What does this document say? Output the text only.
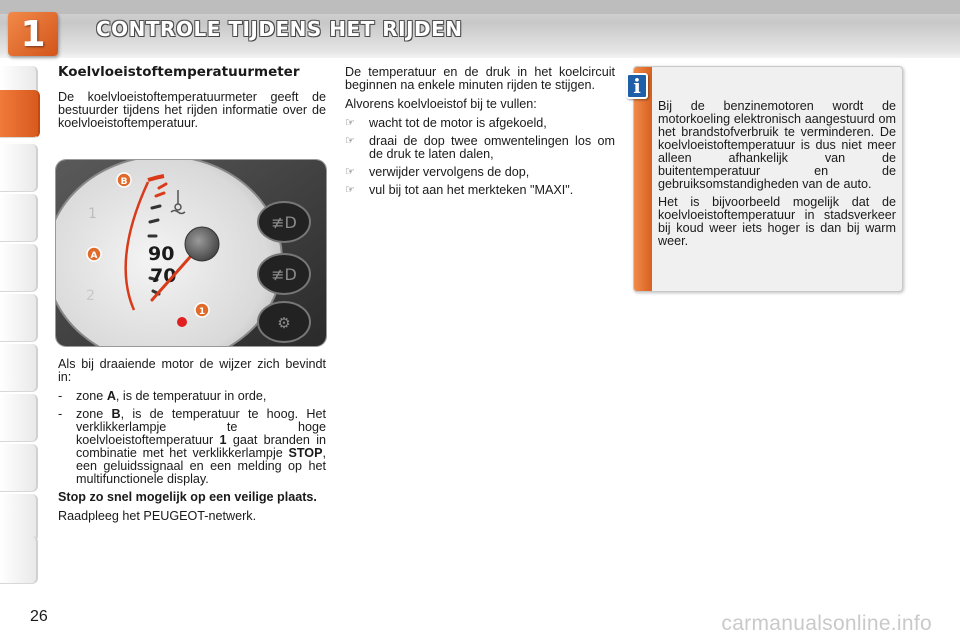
1	CONTROLE TIJDENS HET RIJDEN
Koelvloeistoftemperatuurmeter

De koelvloeistoftemperatuurmeter geeft de bestuurder tijdens het rijden informatie over de koelvloeistoftemperatuur.

1
2
90
70
≢D
≢D
⚙
B
A
1

Als bij draaiende motor de wijzer zich bevindt in:

- zone A, is de temperatuur in orde,
- zone B, is de temperatuur te hoog. Het verklikkerlampje te hoge koelvloeistoftemperatuur 1 gaat branden in combinatie met het verklikkerlampje STOP, een geluidssignaal en een melding op het multifunctionele display.

Stop zo snel mogelijk op een veilige plaats.

Raadpleeg het PEUGEOT-netwerk.

De temperatuur en de druk in het koelcircuit beginnen na enkele minuten rijden te stijgen.

Alvorens koelvloeistof bij te vullen:

☞ wacht tot de motor is afgekoeld,
☞ draai de dop twee omwentelingen los om de druk te laten dalen,
☞ verwijder vervolgens de dop,
☞ vul bij tot aan het merkteken "MAXI".

Bij de benzinemotoren wordt de motorkoeling elektronisch aangestuurd om het brandstofverbruik te verminderen. De koelvloeistoftemperatuur is dus niet meer alleen afhankelijk van de buitentemperatuur en de gebruiksomstandigheden van de auto.

Het is bijvoorbeeld mogelijk dat de koelvloeistoftemperatuur in stadsverkeer bij koud weer iets hoger is dan bij warm weer.

i
26	carmanualsonline.info
